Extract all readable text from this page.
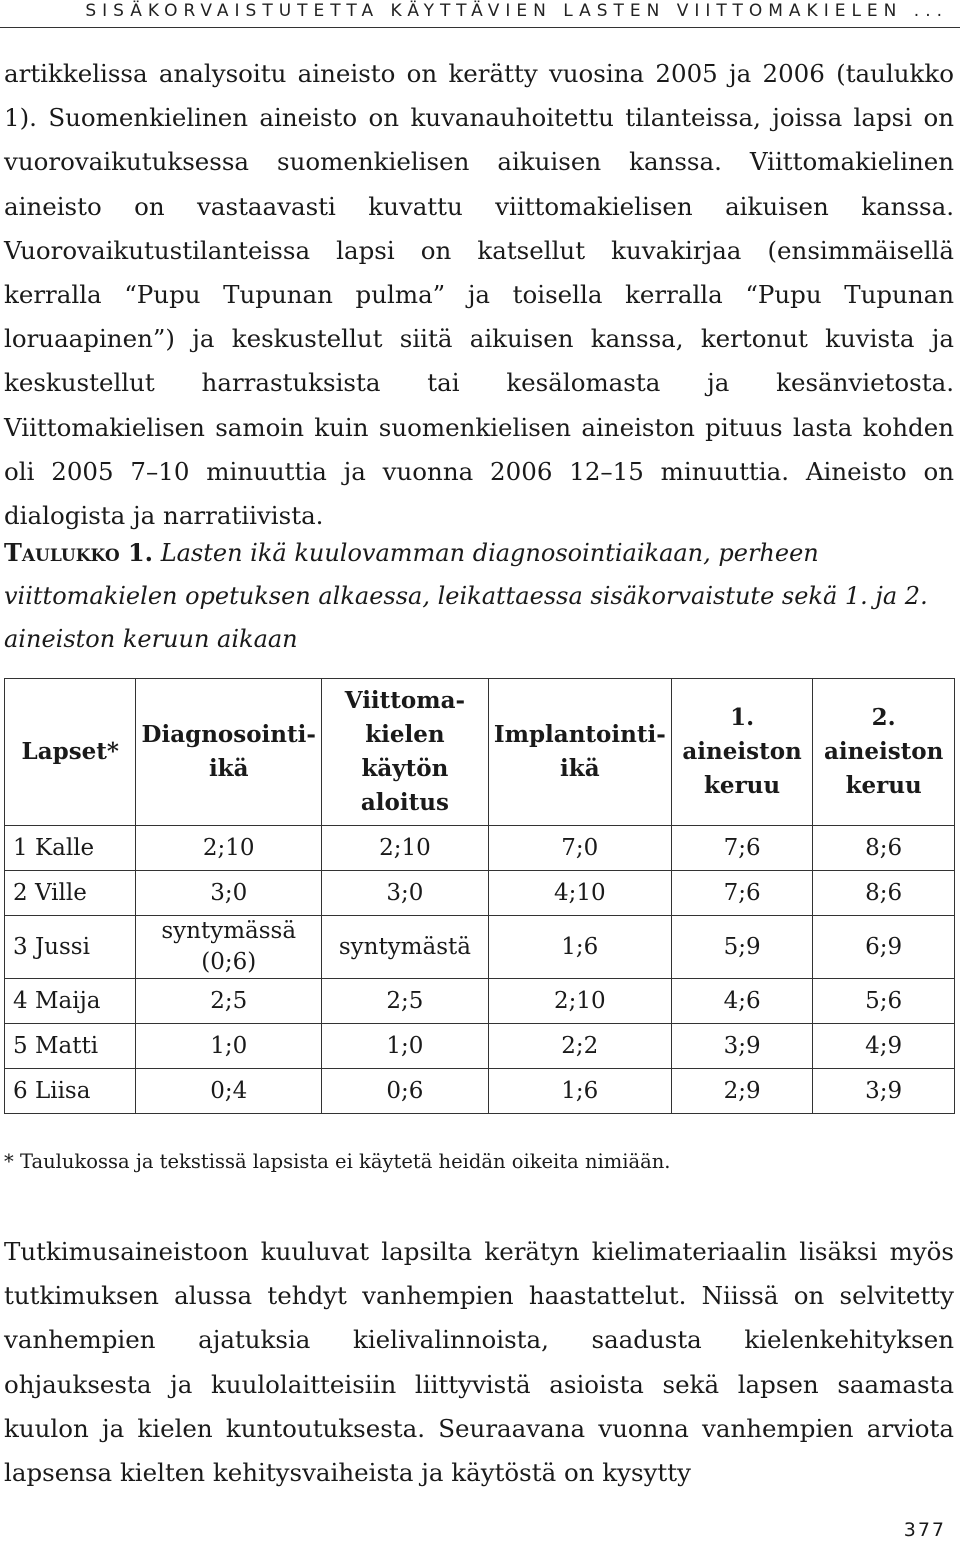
SISÄKORVAISTUTETTA KÄYTTÄVIEN LASTEN VIITTOMAKIELEN ...

artikkelissa analysoitu aineisto on kerätty vuosina 2005 ja 2006 (taulukko 1). Suomenkielinen aineisto on kuvanauhoitettu tilanteissa, joissa lapsi on vuorovaikutuksessa suomenkielisen aikuisen kanssa. Viittomakielinen aineisto on vastaavasti kuvattu viittomakielisen aikuisen kanssa. Vuorovaikutustilanteissa lapsi on katsellut kuvakirjaa (ensimmäisellä kerralla “Pupu Tupunan pulma” ja toisella kerralla “Pupu Tupunan loruaapinen”) ja keskustellut siitä aikuisen kanssa, kertonut kuvista ja keskustellut harrastuksista tai kesälomasta ja kesänvietosta. Viittomakielisen samoin kuin suomenkielisen aineiston pituus lasta kohden oli 2005 7–10 minuuttia ja vuonna 2006 12–15 minuuttia. Aineisto on dialogista ja narratiivista.

Taulukko 1. Lasten ikä kuulovamman diagnosointiaikaan, perheen viittomakielen opetuksen alkaessa, leikattaessa sisäkorvaistute sekä 1. ja 2. aineiston keruun aikaan

Lapset*	Diagnosointiikä	Viittomakielen käytön aloitus	Implantointiikä	1. aineiston keruu	2. aineiston keruu
1 Kalle	2;10	2;10	7;0	7;6	8;6
2 Ville	3;0	3;0	4;10	7;6	8;6
3 Jussi	syntymässä (0;6)	syntymästä	1;6	5;9	6;9
4 Maija	2;5	2;5	2;10	4;6	5;6
5 Matti	1;0	1;0	2;2	3;9	4;9
6 Liisa	0;4	0;6	1;6	2;9	3;9

* Taulukossa ja tekstissä lapsista ei käytetä heidän oikeita nimiään.

Tutkimusaineistoon kuuluvat lapsilta kerätyn kielimateriaalin lisäksi myös tutkimuksen alussa tehdyt vanhempien haastattelut. Niissä on selvitetty vanhempien ajatuksia kielivalinnoista, saadusta kielenkehityksen ohjauksesta ja kuulolaitteisiin liittyvistä asioista sekä lapsen saamasta kuulon ja kielen kuntoutuksesta. Seuraavana vuonna vanhempien arviota lapsensa kielten kehitysvaiheista ja käytöstä on kysytty

377
